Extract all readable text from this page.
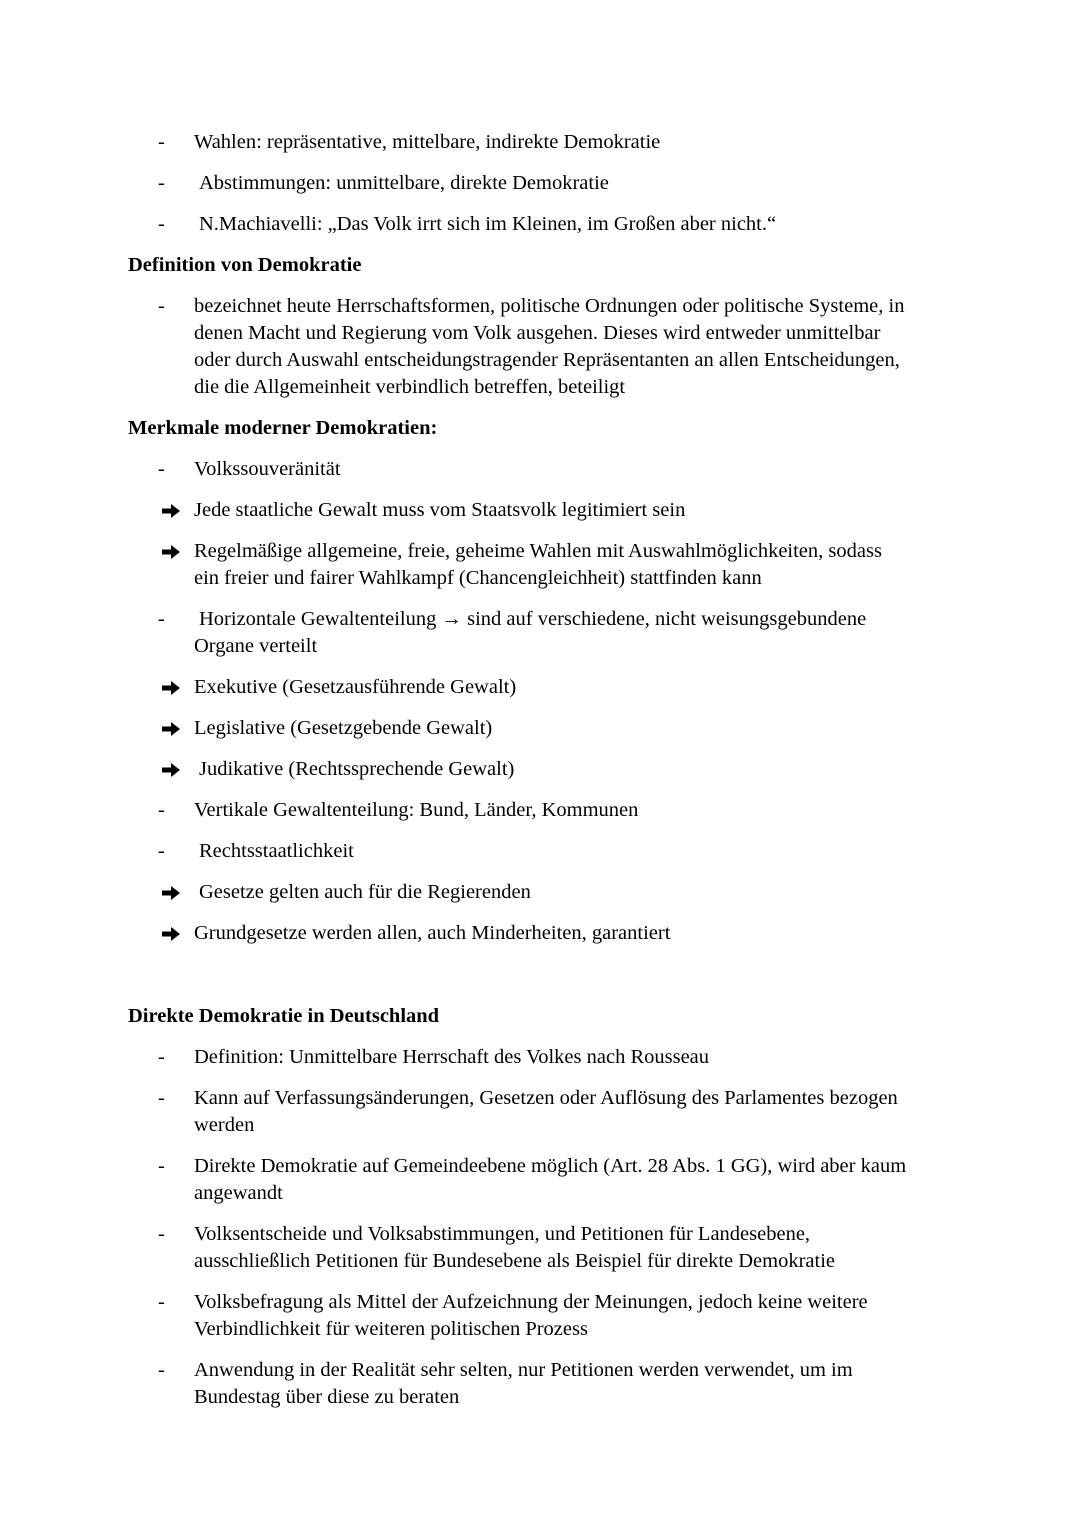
- Wahlen: repräsentative, mittelbare, indirekte Demokratie
- Abstimmungen: unmittelbare, direkte Demokratie
- N.Machiavelli: „Das Volk irrt sich im Kleinen, im Großen aber nicht.“
Definition von Demokratie
- bezeichnet heute Herrschaftsformen, politische Ordnungen oder politische Systeme, in
denen Macht und Regierung vom Volk ausgehen. Dieses wird entweder unmittelbar
oder durch Auswahl entscheidungstragender Repräsentanten an allen Entscheidungen,
die die Allgemeinheit verbindlich betreffen, beteiligt
Merkmale moderner Demokratien:
- Volkssouveränität
Jede staatliche Gewalt muss vom Staatsvolk legitimiert sein
Regelmäßige allgemeine, freie, geheime Wahlen mit Auswahlmöglichkeiten, sodass
ein freier und fairer Wahlkampf (Chancengleichheit) stattfinden kann
- Horizontale Gewaltenteilung → sind auf verschiedene, nicht weisungsgebundene
Organe verteilt
Exekutive (Gesetzausführende Gewalt)
Legislative (Gesetzgebende Gewalt)
Judikative (Rechtssprechende Gewalt)
- Vertikale Gewaltenteilung: Bund, Länder, Kommunen
- Rechtsstaatlichkeit
Gesetze gelten auch für die Regierenden
Grundgesetze werden allen, auch Minderheiten, garantiert
Direkte Demokratie in Deutschland
- Definition: Unmittelbare Herrschaft des Volkes nach Rousseau
- Kann auf Verfassungsänderungen, Gesetzen oder Auflösung des Parlamentes bezogen
werden
- Direkte Demokratie auf Gemeindeebene möglich (Art. 28 Abs. 1 GG), wird aber kaum
angewandt
- Volksentscheide und Volksabstimmungen, und Petitionen für Landesebene,
ausschließlich Petitionen für Bundesebene als Beispiel für direkte Demokratie
- Volksbefragung als Mittel der Aufzeichnung der Meinungen, jedoch keine weitere
Verbindlichkeit für weiteren politischen Prozess
- Anwendung in der Realität sehr selten, nur Petitionen werden verwendet, um im
Bundestag über diese zu beraten
